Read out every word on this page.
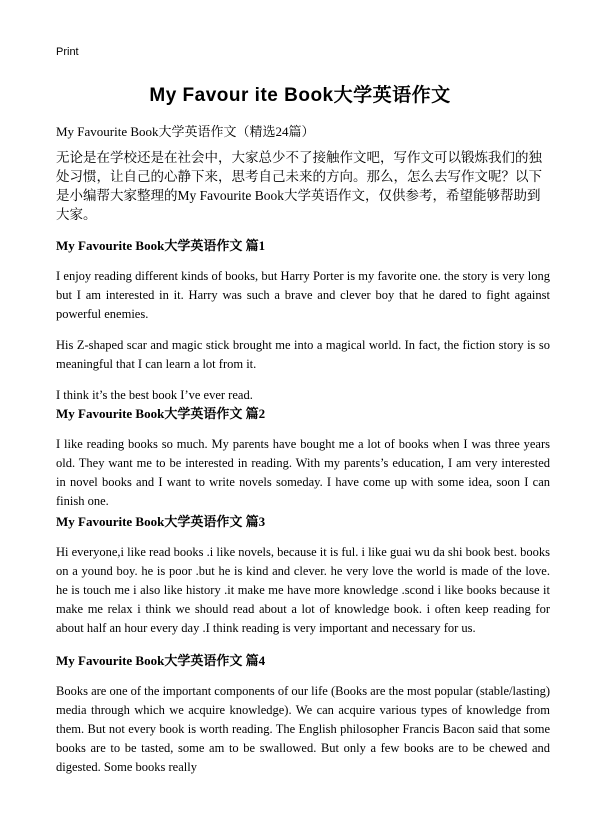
Print
My Favour ite Book大学英语作文

My Favourite Book大学英语作文（精选24篇）

无论是在学校还是在社会中，大家总少不了接触作文吧，写作文可以锻炼我们的独处习惯，让自己的心静下来，思考自己未来的方向。那么，怎么去写作文呢？以下是小编帮大家整理的My Favourite Book大学英语作文，仅供参考，希望能够帮助到大家。

My Favourite Book大学英语作文 篇1

I enjoy reading different kinds of books, but Harry Porter is my favorite one. the story is very long but I am interested in it. Harry was such a brave and clever boy that he dared to fight against powerful enemies.

His Z-shaped scar and magic stick brought me into a magical world. In fact, the fiction story is so meaningful that I can learn a lot from it.

I think it’s the best book I’ve ever read.

My Favourite Book大学英语作文 篇2

I like reading books so much. My parents have bought me a lot of books when I was three years old. They want me to be interested in reading. With my parents’s education, I am very interested in novel books and I want to write novels someday. I have come up with some idea, soon I can finish one.

My Favourite Book大学英语作文 篇3

Hi everyone,i like read books .i like novels, because it is ful. i like guai wu da shi book best. books on a yound boy. he is poor .but he is kind and clever. he very love the world is made of the love. he is touch me i also like history .it make me have more knowledge .scond i like books because it make me relax i think we should read about a lot of knowledge book. i often keep reading for about half an hour every day .I think reading is very important and necessary for us.

My Favourite Book大学英语作文 篇4

Books are one of the important components of our life (Books are the most popular (stable/lasting) media through which we acquire knowledge). We can acquire various types of knowledge from them. But not every book is worth reading. The English philosopher Francis Bacon said that some books are to be tasted, some am to be swallowed. But only a few books are to be chewed and digested. Some books really
